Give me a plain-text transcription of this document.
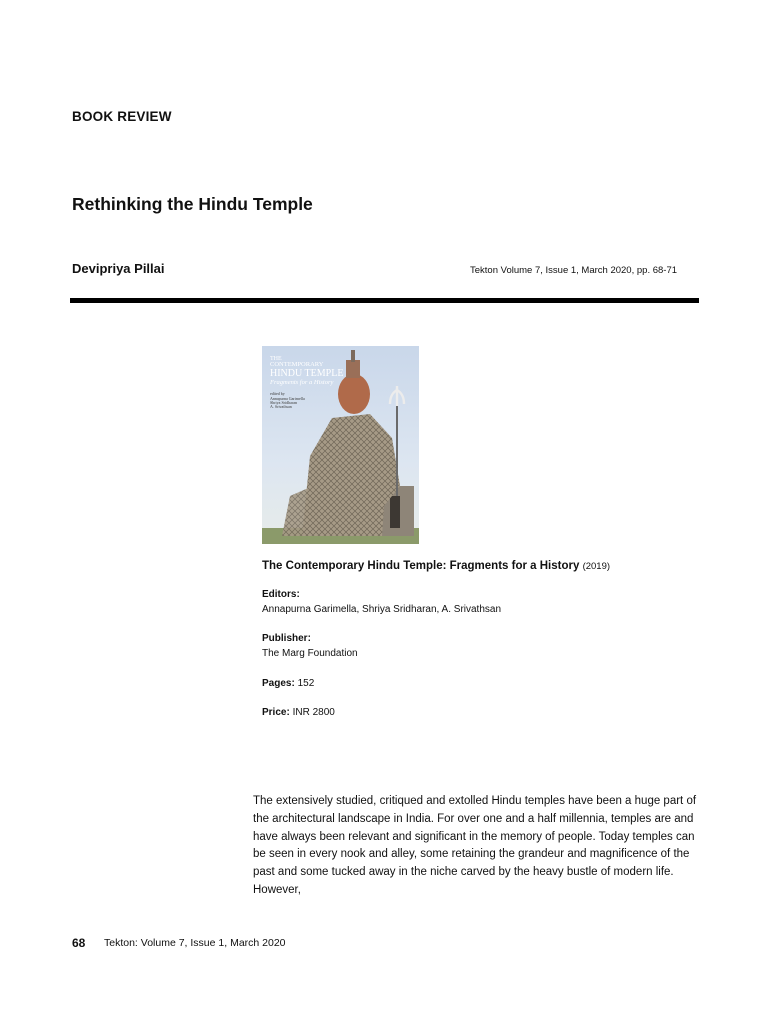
BOOK REVIEW
Rethinking the Hindu Temple
Devipriya Pillai	Tekton Volume 7, Issue 1, March 2020, pp. 68-71
THE
CONTEMPORARY
HINDU TEMPLE
Fragments for a History
edited by
Annapurna Garimella
Shriya Sridharan
A. Srivathsan
The Contemporary Hindu Temple: Fragments for a History (2019)
Editors:
Annapurna Garimella, Shriya Sridharan, A. Srivathsan
Publisher:
The Marg Foundation
Pages: 152
Price: INR 2800

The extensively studied, critiqued and extolled Hindu temples have been a huge part of the architectural landscape in India. For over one and a half millennia, temples are and have always been relevant and significant in the memory of people. Today temples can be seen in every nook and alley, some retaining the grandeur and magnificence of the past and some tucked away in the niche carved by the heavy bustle of modern life. However,

68 Tekton: Volume 7, Issue 1, March 2020
